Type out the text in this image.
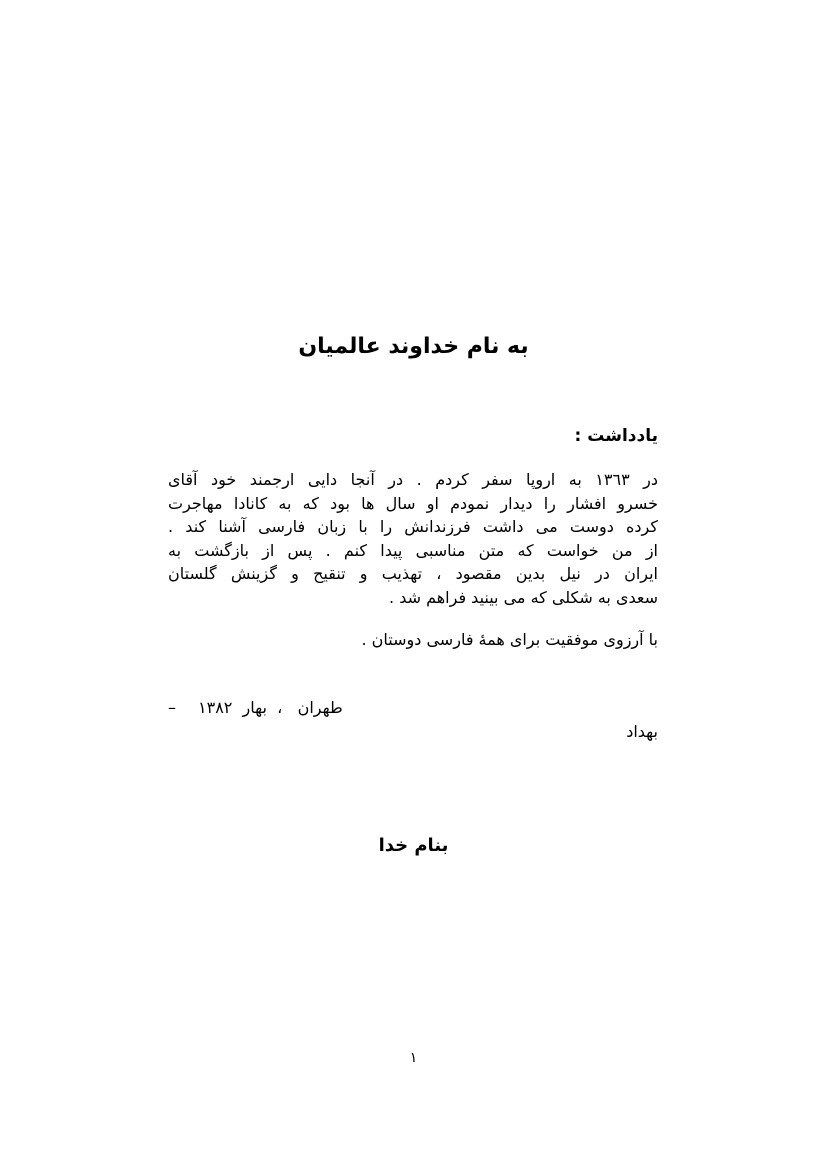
به نام خداوند عالمیان
يادداشت :
در ۱۳٦٣ به اروپا سفر کردم . در آنجا دايی ارجمند خود آقای
خسرو افشار را ديدار نمودم او سال ها بود که به کانادا مهاجرت
کرده دوست می داشت فرزندانش را با زبان فارسی آشنا کند .
از من خواست که متن مناسبی پيدا کنم . پس از بازگشت به
ايران در نيل بدين مقصود ، تهذيب و تنقيح و گزينش گلستان
سعدی به شکلی که می بينيد فراهم شد .
با آرزوی موفقيت برای همۀ فارسی دوستان .
– طهران   ،  بهار  ۱۳۸۲
بهداد
بنام خدا
۱
